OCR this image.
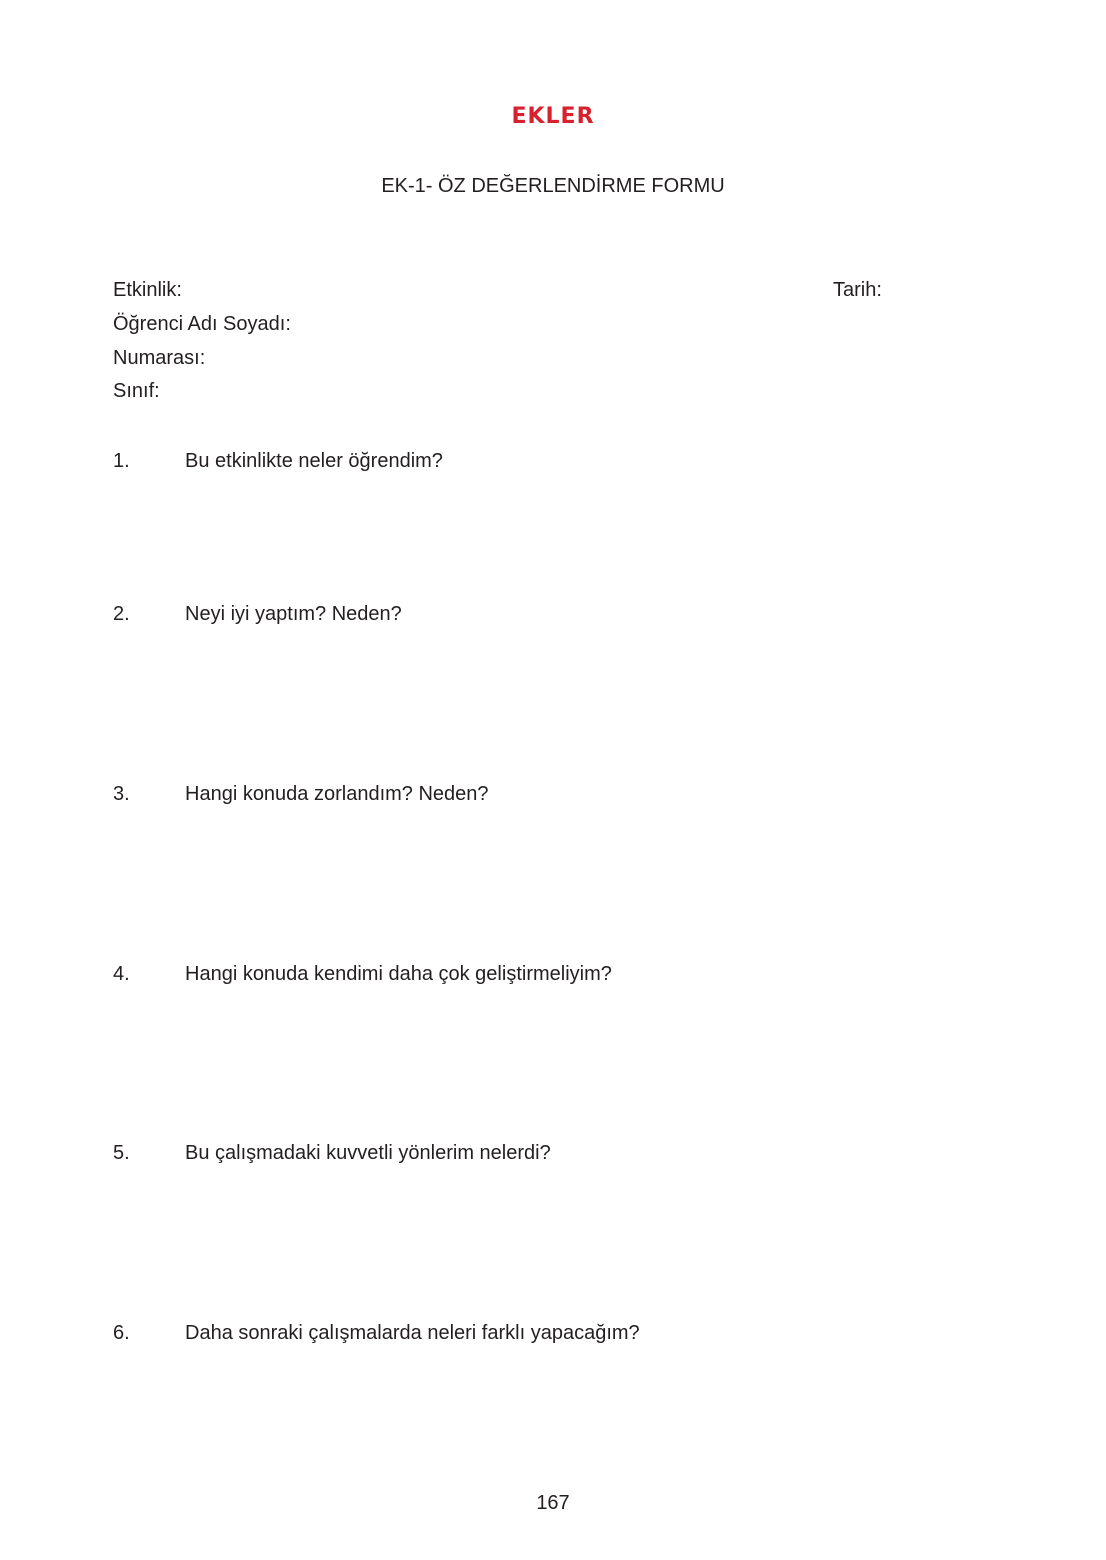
EKLER
EK-1- ÖZ DEĞERLENDİRME FORMU
Etkinlik:	Tarih:
Öğrenci Adı Soyadı:
Numarası:
Sınıf:
1.	Bu etkinlikte neler öğrendim?
2.	Neyi iyi yaptım? Neden?
3.	Hangi konuda zorlandım? Neden?
4.	Hangi konuda kendimi daha çok geliştirmeliyim?
5.	Bu çalışmadaki kuvvetli yönlerim nelerdi?
6.	Daha sonraki çalışmalarda neleri farklı yapacağım?
167
